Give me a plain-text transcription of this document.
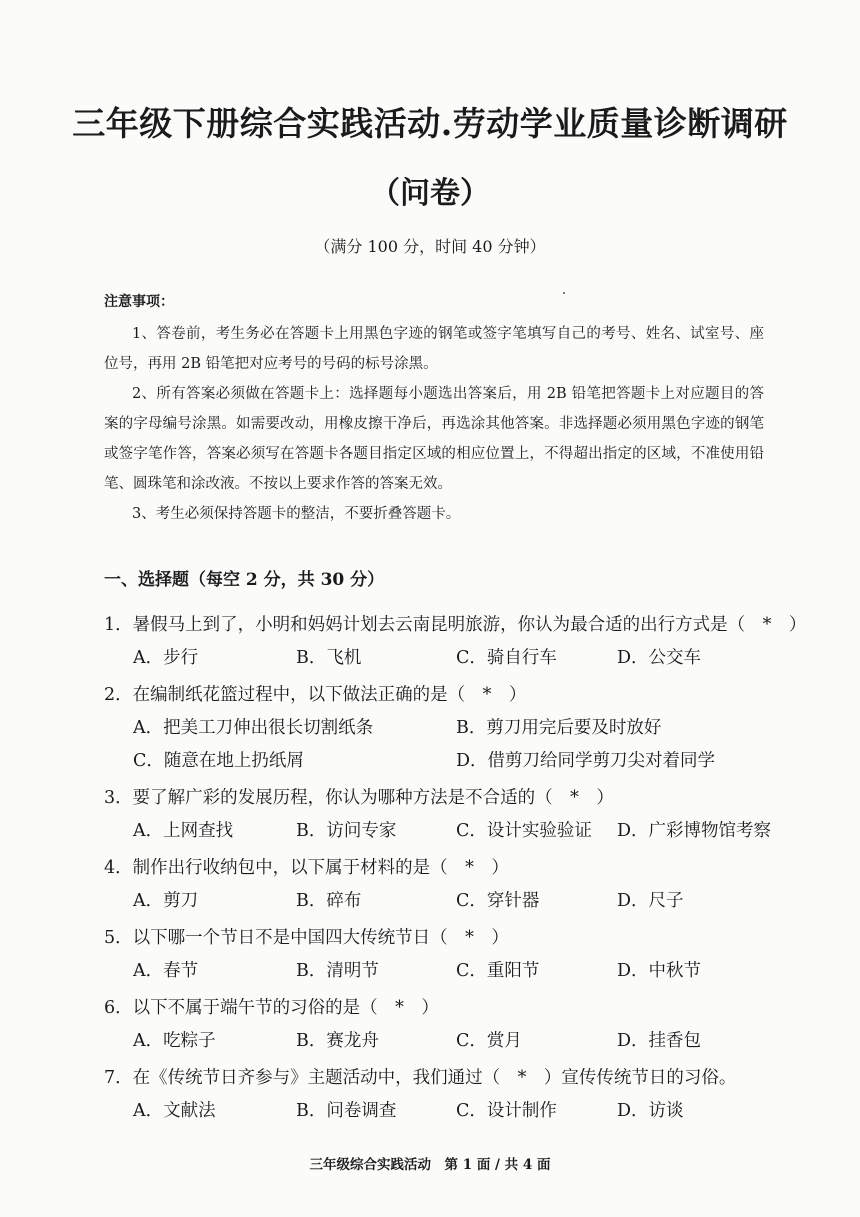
三年级下册综合实践活动.劳动学业质量诊断调研
（问卷）
（满分 100 分，时间 40 分钟）
注意事项：

1、答卷前，考生务必在答题卡上用黑色字迹的钢笔或签字笔填写自己的考号、姓名、试室号、座位号，再用 2B 铅笔把对应考号的号码的标号涂黑。

2、所有答案必须做在答题卡上：选择题每小题选出答案后，用 2B 铅笔把答题卡上对应题目的答案的字母编号涂黑。如需要改动，用橡皮擦干净后，再选涂其他答案。非选择题必须用黑色字迹的钢笔或签字笔作答，答案必须写在答题卡各题目指定区域的相应位置上，不得超出指定的区域，不准使用铅笔、圆珠笔和涂改液。不按以上要求作答的答案无效。

3、考生必须保持答题卡的整洁，不要折叠答题卡。

一、选择题（每空 2 分，共 30 分）
1．暑假马上到了，小明和妈妈计划去云南昆明旅游，你认为最合适的出行方式是（　*　）
A．步行	B．飞机	C．骑自行车	D．公交车
2．在编制纸花篮过程中，以下做法正确的是（　*　）
A．把美工刀伸出很长切割纸条	B．剪刀用完后要及时放好
C．随意在地上扔纸屑	D．借剪刀给同学剪刀尖对着同学
3．要了解广彩的发展历程，你认为哪种方法是不合适的（　*　）
A．上网查找	B．访问专家	C．设计实验验证 D．广彩博物馆考察
4．制作出行收纳包中，以下属于材料的是（　*　）
A．剪刀	B．碎布	C．穿针器	D．尺子
5．以下哪一个节日不是中国四大传统节日（　*　）
A．春节	B．清明节	C．重阳节	D．中秋节
6．以下不属于端午节的习俗的是（　*　）
A．吃粽子	B．赛龙舟	C．赏月	D．挂香包
7．在《传统节日齐参与》主题活动中，我们通过（　*　）宣传传统节日的习俗。
A．文献法	B．问卷调查	C．设计制作	D．访谈
三年级综合实践活动　第 1 面 / 共 4 面
